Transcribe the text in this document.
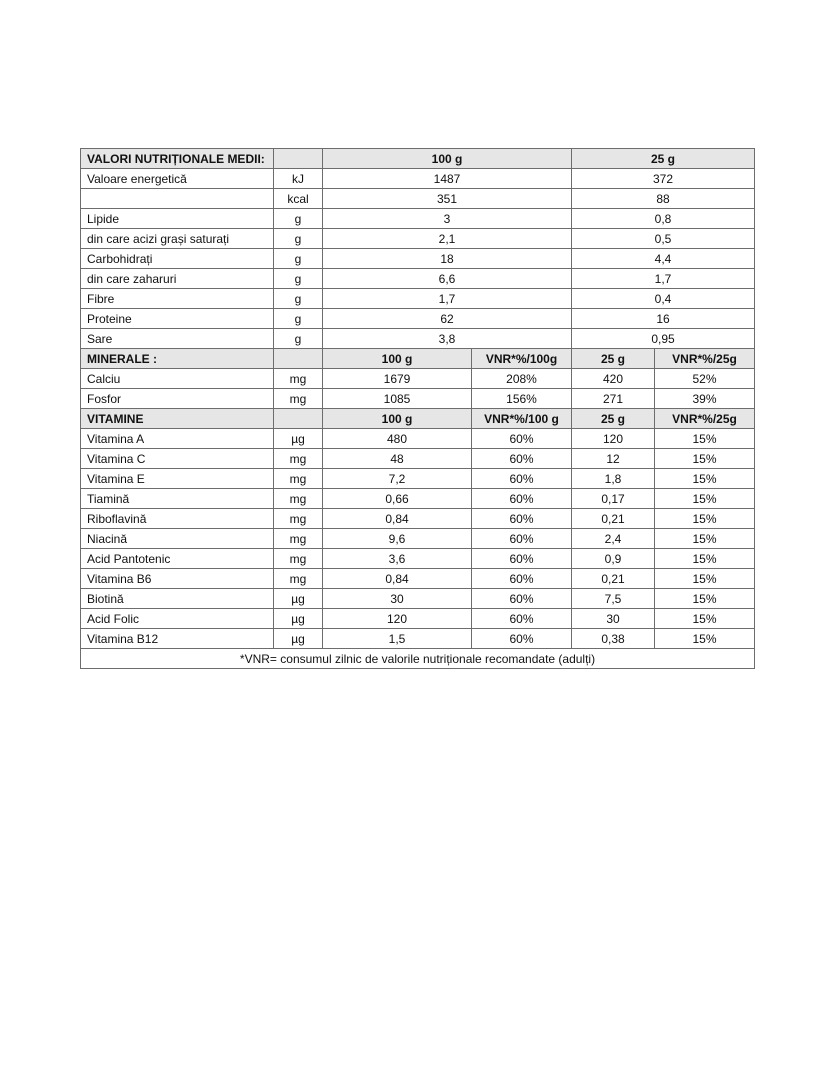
VALORI NUTRIȚIONALE MEDII:		100 g		25 g	
Valoare energetică	kJ	1487		372	
	kcal	351		88	
Lipide	g	3		0,8	
din care acizi grași saturați	g	2,1		0,5	
Carbohidrați	g	18		4,4	
din care zaharuri	g	6,6		1,7	
Fibre	g	1,7		0,4	
Proteine	g	62		16	
Sare	g	3,8		0,95	
MINERALE :		100 g	VNR*%/100g	25 g	VNR*%/25g
Calciu	mg	1679	208%	420	52%
Fosfor	mg	1085	156%	271	39%
VITAMINE		100 g	VNR*%/100 g	25 g	VNR*%/25g
Vitamina A	µg	480	60%	120	15%
Vitamina C	mg	48	60%	12	15%
Vitamina E	mg	7,2	60%	1,8	15%
Tiamină	mg	0,66	60%	0,17	15%
Riboflavină	mg	0,84	60%	0,21	15%
Niacină	mg	9,6	60%	2,4	15%
Acid Pantotenic	mg	3,6	60%	0,9	15%
Vitamina B6	mg	0,84	60%	0,21	15%
Biotină	µg	30	60%	7,5	15%
Acid Folic	µg	120	60%	30	15%
Vitamina B12	µg	1,5	60%	0,38	15%
*VNR= consumul zilnic de valorile nutriționale recomandate (adulți)					
